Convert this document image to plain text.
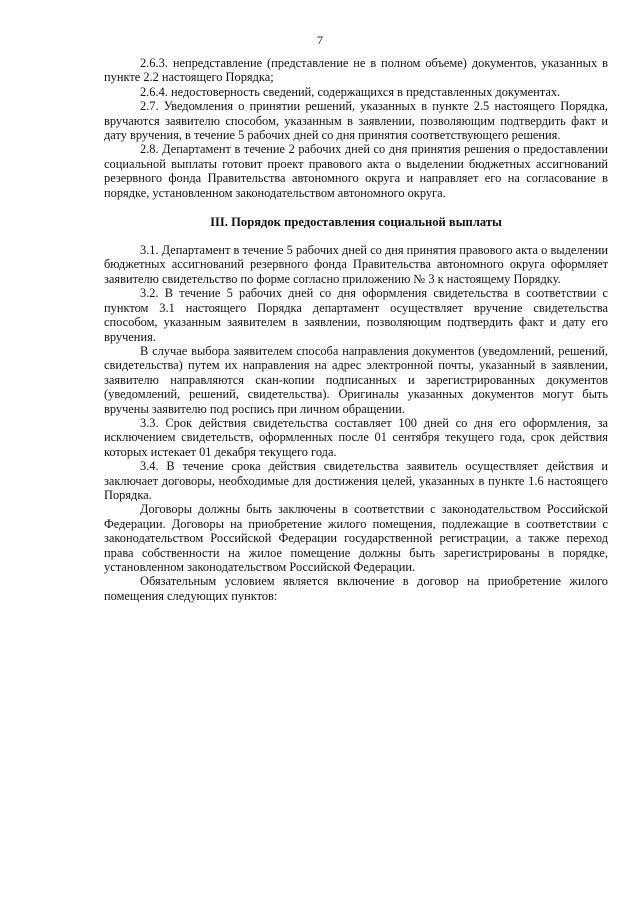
7

2.6.3. непредставление (представление не в полном объеме) документов, указанных в пункте 2.2 настоящего Порядка;

2.6.4. недостоверность сведений, содержащихся в представленных документах.

2.7. Уведомления о принятии решений, указанных в пункте 2.5 настоящего Порядка, вручаются заявителю способом, указанным в заявлении, позволяющим подтвердить факт и дату вручения, в течение 5 рабочих дней со дня принятия соответствующего решения.

2.8. Департамент в течение 2 рабочих дней со дня принятия решения о предоставлении социальной выплаты готовит проект правового акта о выделении бюджетных ассигнований резервного фонда Правительства автономного округа и направляет его на согласование в порядке, установленном законодательством автономного округа.

III. Порядок предоставления социальной выплаты

3.1. Департамент в течение 5 рабочих дней со дня принятия правового акта о выделении бюджетных ассигнований резервного фонда Правительства автономного округа оформляет заявителю свидетельство по форме согласно приложению № 3 к настоящему Порядку.

3.2. В течение 5 рабочих дней со дня оформления свидетельства в соответствии с пунктом 3.1 настоящего Порядка департамент осуществляет вручение свидетельства способом, указанным заявителем в заявлении, позволяющим подтвердить факт и дату его вручения.

В случае выбора заявителем способа направления документов (уведомлений, решений, свидетельства) путем их направления на адрес электронной почты, указанный в заявлении, заявителю направляются скан-копии подписанных и зарегистрированных документов (уведомлений, решений, свидетельства). Оригиналы указанных документов могут быть вручены заявителю под роспись при личном обращении.

3.3. Срок действия свидетельства составляет 100 дней со дня его оформления, за исключением свидетельств, оформленных после 01 сентября текущего года, срок действия которых истекает 01 декабря текущего года.

3.4. В течение срока действия свидетельства заявитель осуществляет действия и заключает договоры, необходимые для достижения целей, указанных в пункте 1.6 настоящего Порядка.

Договоры должны быть заключены в соответствии с законодательством Российской Федерации. Договоры на приобретение жилого помещения, подлежащие в соответствии с законодательством Российской Федерации государственной регистрации, а также переход права собственности на жилое помещение должны быть зарегистрированы в порядке, установленном законодательством Российской Федерации.

Обязательным условием является включение в договор на приобретение жилого помещения следующих пунктов:
